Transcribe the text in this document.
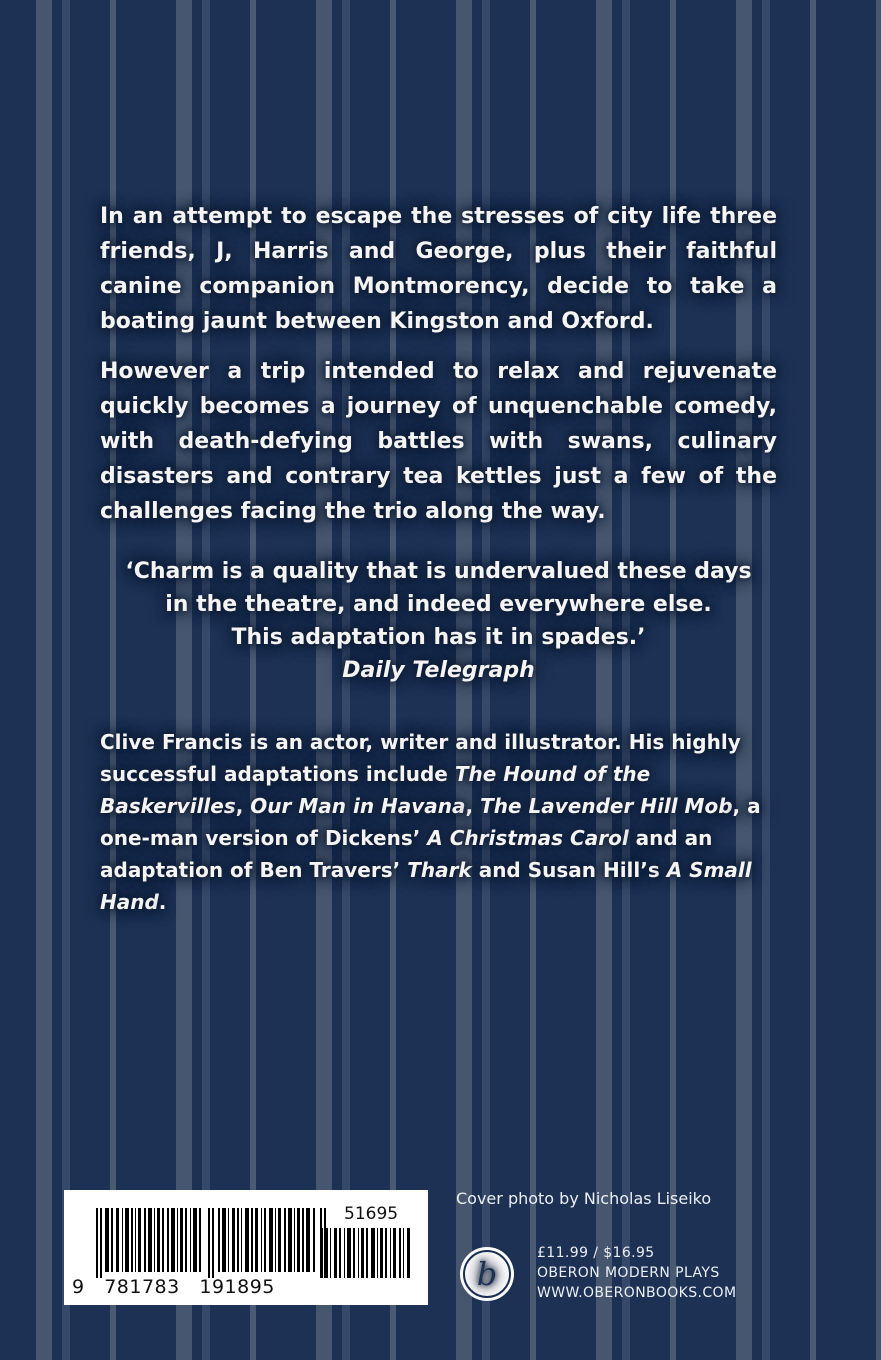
In an attempt to escape the stresses of city life three friends, J, Harris and George, plus their faithful canine companion Montmorency, decide to take a boating jaunt between Kingston and Oxford.

However a trip intended to relax and rejuvenate quickly becomes a journey of unquenchable comedy, with death-defying battles with swans, culinary disasters and contrary tea kettles just a few of the challenges facing the trio along the way.

‘Charm is a quality that is undervalued these days
in the theatre, and indeed everywhere else.
This adaptation has it in spades.’
Daily Telegraph

Clive Francis is an actor, writer and illustrator. His highly successful adaptations include The Hound of the Baskervilles, Our Man in Havana, The Lavender Hill Mob, a one-man version of Dickens’ A Christmas Carol and an adaptation of Ben Travers’ Thark and Susan Hill’s A Small Hand.

51695
9   781783   191895
Cover photo by Nicholas Liseiko
b
£11.99 / $16.95
OBERON MODERN PLAYS
WWW.OBERONBOOKS.COM
